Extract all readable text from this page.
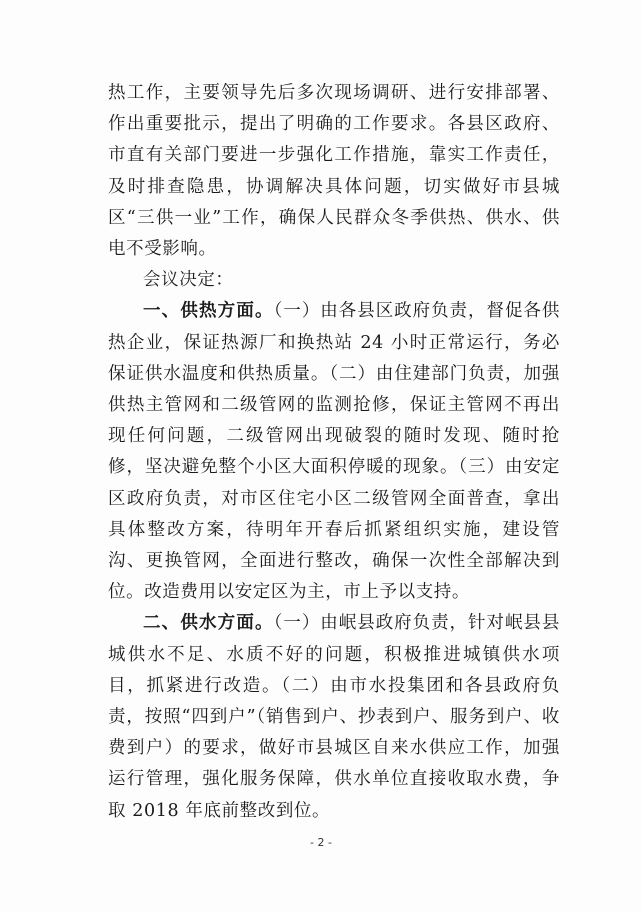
热工作，主要领导先后多次现场调研、进行安排部署、作出重要批示，提出了明确的工作要求。各县区政府、市直有关部门要进一步强化工作措施，靠实工作责任，及时排查隐患，协调解决具体问题，切实做好市县城区“三供一业”工作，确保人民群众冬季供热、供水、供电不受影响。

会议决定：

一、供热方面。（一）由各县区政府负责，督促各供热企业，保证热源厂和换热站 24 小时正常运行，务必保证供水温度和供热质量。（二）由住建部门负责，加强供热主管网和二级管网的监测抢修，保证主管网不再出现任何问题，二级管网出现破裂的随时发现、随时抢修，坚决避免整个小区大面积停暖的现象。（三）由安定区政府负责，对市区住宅小区二级管网全面普查，拿出具体整改方案，待明年开春后抓紧组织实施，建设管沟、更换管网，全面进行整改，确保一次性全部解决到位。改造费用以安定区为主，市上予以支持。

二、供水方面。（一）由岷县政府负责，针对岷县县城供水不足、水质不好的问题，积极推进城镇供水项目，抓紧进行改造。（二）由市水投集团和各县政府负责，按照“四到户”（销售到户、抄表到户、服务到户、收费到户）的要求，做好市县城区自来水供应工作，加强运行管理，强化服务保障，供水单位直接收取水费，争取 2018 年底前整改到位。

- 2 -
